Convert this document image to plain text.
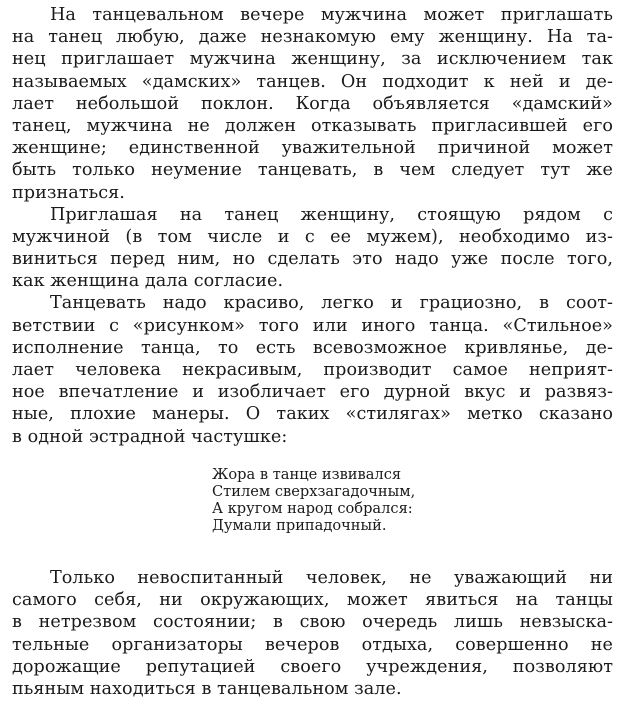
На танцевальном вечере мужчина может приглашать
на танец любую, даже незнакомую ему женщину. На та-
нец приглашает мужчина женщину, за исключением так
называемых «дамских» танцев. Он подходит к ней и де-
лает небольшой поклон. Когда объявляется «дамский»
танец, мужчина не должен отказывать пригласившей его
женщине; единственной уважительной причиной может
быть только неумение танцевать, в чем следует тут же
признаться.
Приглашая на танец женщину, стоящую рядом с
мужчиной (в том числе и с ее мужем), необходимо из-
виниться перед ним, но сделать это надо уже после того,
как женщина дала согласие.
Танцевать надо красиво, легко и грациозно, в соот-
ветствии с «рисунком» того или иного танца. «Стильное»
исполнение танца, то есть всевозможное кривлянье, де-
лает человека некрасивым, производит самое неприят-
ное впечатление и изобличает его дурной вкус и развяз-
ные, плохие манеры. О таких «стилягах» метко сказано
в одной эстрадной частушке:
Жора в танце извивался
Стилем сверхзагадочным,
А кругом народ собрался:
Думали припадочный.
Только невоспитанный человек, не уважающий ни
самого себя, ни окружающих, может явиться на танцы
в нетрезвом состоянии; в свою очередь лишь невзыска-
тельные организаторы вечеров отдыха, совершенно не
дорожащие репутацией своего учреждения, позволяют
пьяным находиться в танцевальном зале.
